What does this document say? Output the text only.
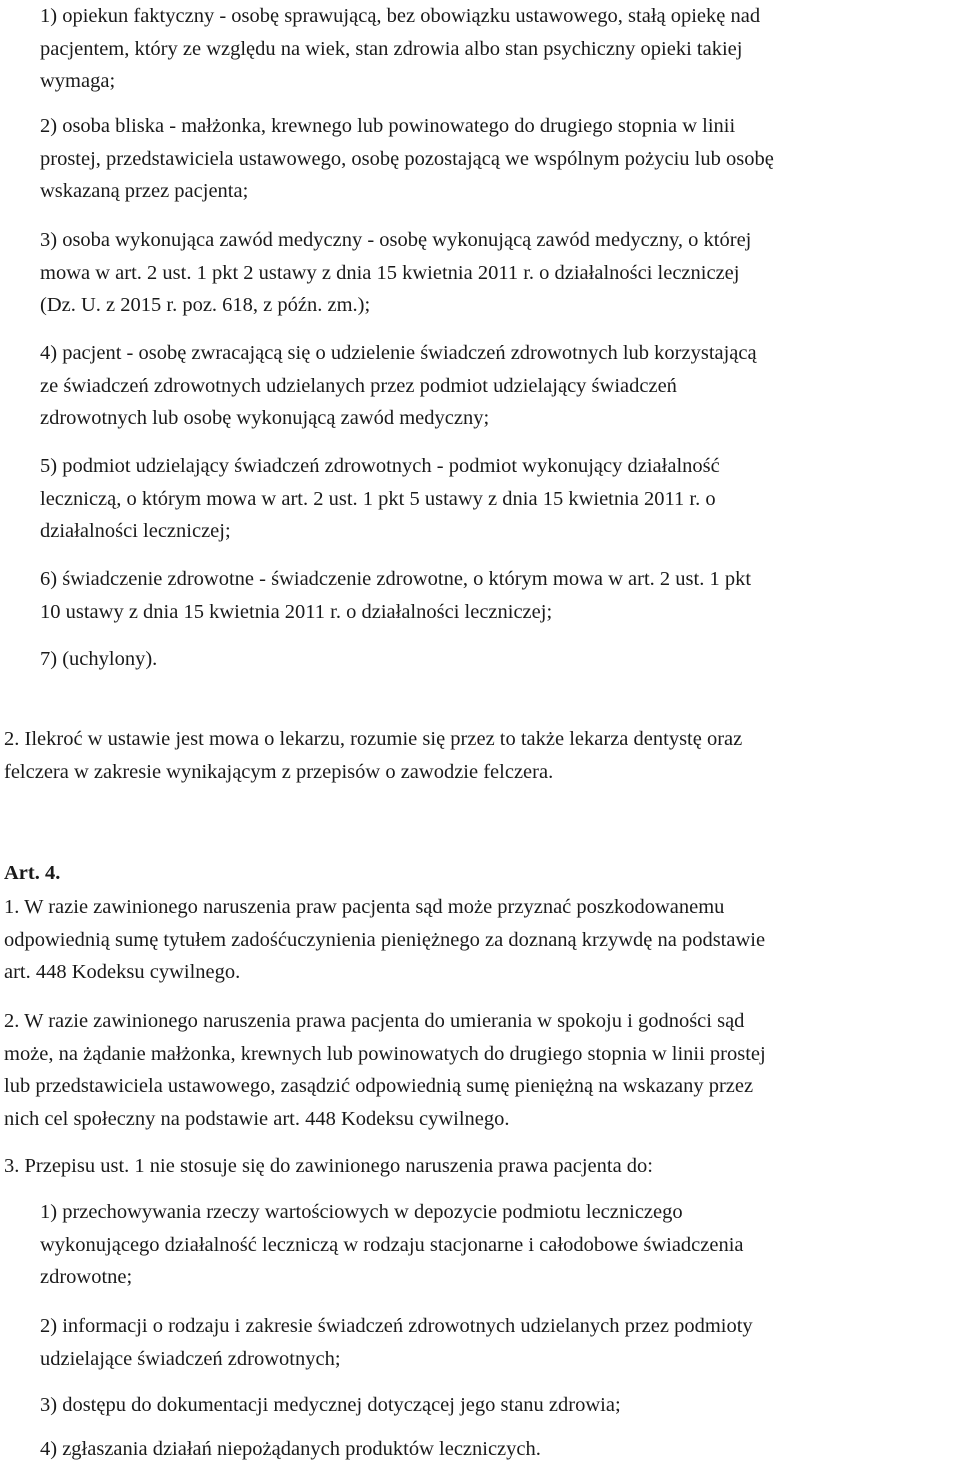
1) opiekun faktyczny - osobę sprawującą, bez obowiązku ustawowego, stałą opiekę nad
pacjentem, który ze względu na wiek, stan zdrowia albo stan psychiczny opieki takiej
wymaga;
2) osoba bliska - małżonka, krewnego lub powinowatego do drugiego stopnia w linii
prostej, przedstawiciela ustawowego, osobę pozostającą we wspólnym pożyciu lub osobę
wskazaną przez pacjenta;
3) osoba wykonująca zawód medyczny - osobę wykonującą zawód medyczny, o której
mowa w art. 2 ust. 1 pkt 2 ustawy z dnia 15 kwietnia 2011 r. o działalności leczniczej
(Dz. U. z 2015 r. poz. 618, z późn. zm.);
4) pacjent - osobę zwracającą się o udzielenie świadczeń zdrowotnych lub korzystającą
ze świadczeń zdrowotnych udzielanych przez podmiot udzielający świadczeń
zdrowotnych lub osobę wykonującą zawód medyczny;
5) podmiot udzielający świadczeń zdrowotnych - podmiot wykonujący działalność
leczniczą, o którym mowa w art. 2 ust. 1 pkt 5 ustawy z dnia 15 kwietnia 2011 r. o
działalności leczniczej;
6) świadczenie zdrowotne - świadczenie zdrowotne, o którym mowa w art. 2 ust. 1 pkt
10 ustawy z dnia 15 kwietnia 2011 r. o działalności leczniczej;
7) (uchylony).
2. Ilekroć w ustawie jest mowa o lekarzu, rozumie się przez to także lekarza dentystę oraz
felczera w zakresie wynikającym z przepisów o zawodzie felczera.
Art. 4.
1. W razie zawinionego naruszenia praw pacjenta sąd może przyznać poszkodowanemu
odpowiednią sumę tytułem zadośćuczynienia pieniężnego za doznaną krzywdę na podstawie
art. 448 Kodeksu cywilnego.
2. W razie zawinionego naruszenia prawa pacjenta do umierania w spokoju i godności sąd
może, na żądanie małżonka, krewnych lub powinowatych do drugiego stopnia w linii prostej
lub przedstawiciela ustawowego, zasądzić odpowiednią sumę pieniężną na wskazany przez
nich cel społeczny na podstawie art. 448 Kodeksu cywilnego.
3. Przepisu ust. 1 nie stosuje się do zawinionego naruszenia prawa pacjenta do:
1) przechowywania rzeczy wartościowych w depozycie podmiotu leczniczego
wykonującego działalność leczniczą w rodzaju stacjonarne i całodobowe świadczenia
zdrowotne;
2) informacji o rodzaju i zakresie świadczeń zdrowotnych udzielanych przez podmioty
udzielające świadczeń zdrowotnych;
3) dostępu do dokumentacji medycznej dotyczącej jego stanu zdrowia;
4) zgłaszania działań niepożądanych produktów leczniczych.
